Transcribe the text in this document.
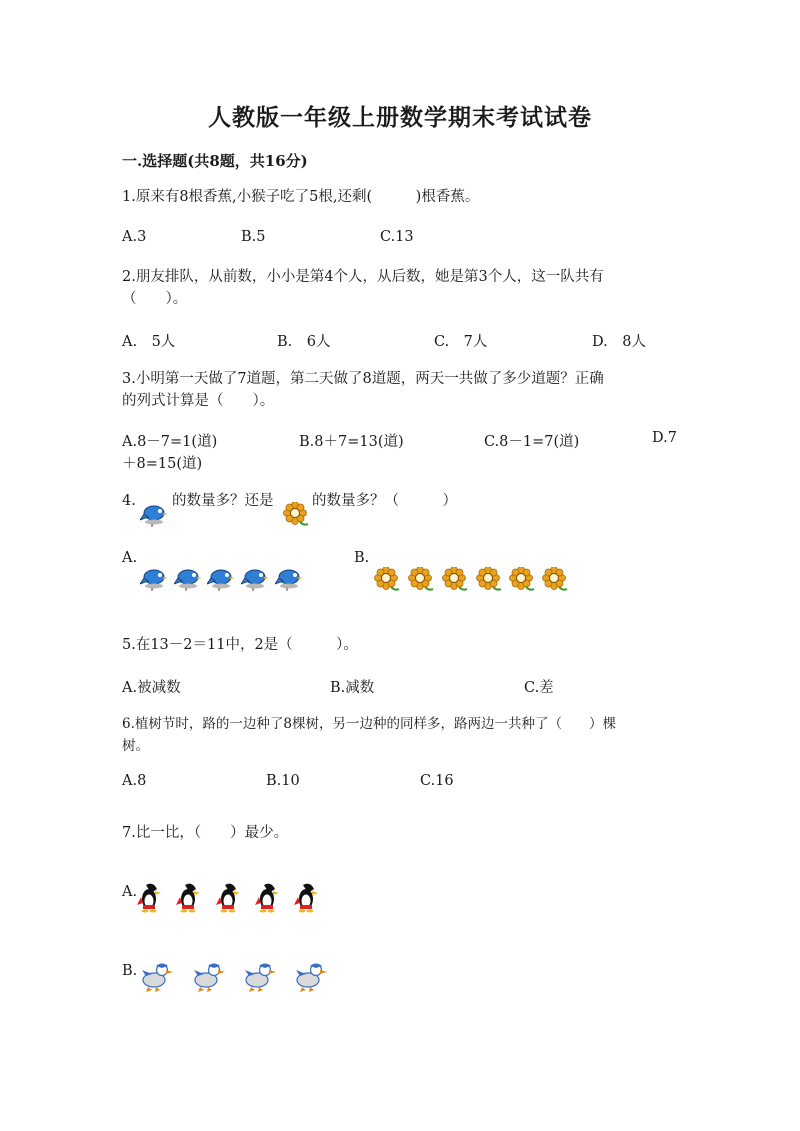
人教版一年级上册数学期末考试试卷
一.选择题(共8题，共16分)
1.原来有8根香蕉,小猴子吃了5根,还剩(　　　)根香蕉。
A.3	B.5	C.13
2.朋友排队，从前数，小小是第4个人，从后数，她是第3个人，这一队共有
（　　）。
A.　5人	B.　6人	C.　7人	D.　8人
3.小明第一天做了7道题，第二天做了8道题，两天一共做了多少道题？正确
的列式计算是（　　）。
A.8－7=1(道)	B.8＋7=13(道)	C.8－1=7(道)	D.7
＋8=15(道)
4. 的数量多？还是	的数量多？（　　　）
A.	B.
5.在13－2＝11中，2是（　　　）。
A.被减数	B.减数	C.差
6.植树节时，路的一边种了8棵树，另一边种的同样多，路两边一共种了（　　）棵
树。
A.8	B.10	C.16
7.比一比，（　　）最少。
A.
B.
